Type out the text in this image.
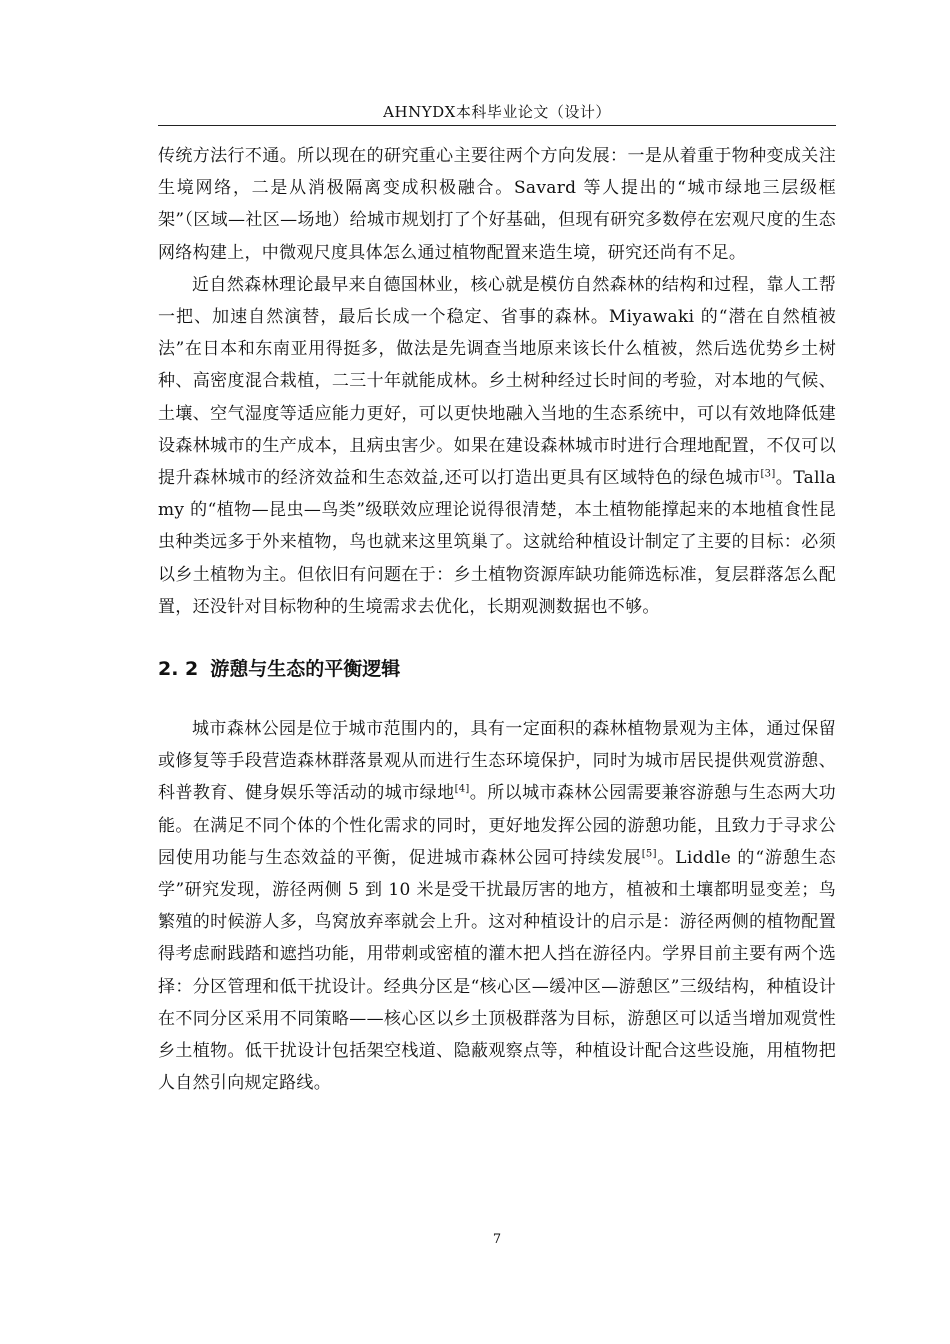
AHNYDX本科毕业论文（设计）

传统方法行不通。所以现在的研究重心主要往两个方向发展：一是从着重于物种变成关注生境网络，二是从消极隔离变成积极融合。Savard 等人提出的“城市绿地三层级框架”（区域—社区—场地）给城市规划打了个好基础，但现有研究多数停在宏观尺度的生态网络构建上，中微观尺度具体怎么通过植物配置来造生境，研究还尚有不足。

近自然森林理论最早来自德国林业，核心就是模仿自然森林的结构和过程，靠人工帮一把、加速自然演替，最后长成一个稳定、省事的森林。Miyawaki 的“潜在自然植被法”在日本和东南亚用得挺多，做法是先调查当地原来该长什么植被，然后选优势乡土树种、高密度混合栽植，二三十年就能成林。乡土树种经过长时间的考验，对本地的气候、土壤、空气湿度等适应能力更好，可以更快地融入当地的生态系统中，可以有效地降低建设森林城市的生产成本，且病虫害少。如果在建设森林城市时进行合理地配置，不仅可以提升森林城市的经济效益和生态效益,还可以打造出更具有区域特色的绿色城市[3]。Tallamy 的“植物—昆虫—鸟类”级联效应理论说得很清楚，本土植物能撑起来的本地植食性昆虫种类远多于外来植物，鸟也就来这里筑巢了。这就给种植设计制定了主要的目标：必须以乡土植物为主。但依旧有问题在于：乡土植物资源库缺功能筛选标准，复层群落怎么配置，还没针对目标物种的生境需求去优化，长期观测数据也不够。

2. 2 游憩与生态的平衡逻辑

城市森林公园是位于城市范围内的，具有一定面积的森林植物景观为主体，通过保留或修复等手段营造森林群落景观从而进行生态环境保护，同时为城市居民提供观赏游憩、科普教育、健身娱乐等活动的城市绿地[4]。所以城市森林公园需要兼容游憩与生态两大功能。在满足不同个体的个性化需求的同时，更好地发挥公园的游憩功能，且致力于寻求公园使用功能与生态效益的平衡，促进城市森林公园可持续发展[5]。Liddle 的“游憩生态学”研究发现，游径两侧 5 到 10 米是受干扰最厉害的地方，植被和土壤都明显变差；鸟繁殖的时候游人多，鸟窝放弃率就会上升。这对种植设计的启示是：游径两侧的植物配置得考虑耐践踏和遮挡功能，用带刺或密植的灌木把人挡在游径内。学界目前主要有两个选择：分区管理和低干扰设计。经典分区是“核心区—缓冲区—游憩区”三级结构，种植设计在不同分区采用不同策略——核心区以乡土顶极群落为目标，游憩区可以适当增加观赏性乡土植物。低干扰设计包括架空栈道、隐蔽观察点等，种植设计配合这些设施，用植物把人自然引向规定路线。

7
